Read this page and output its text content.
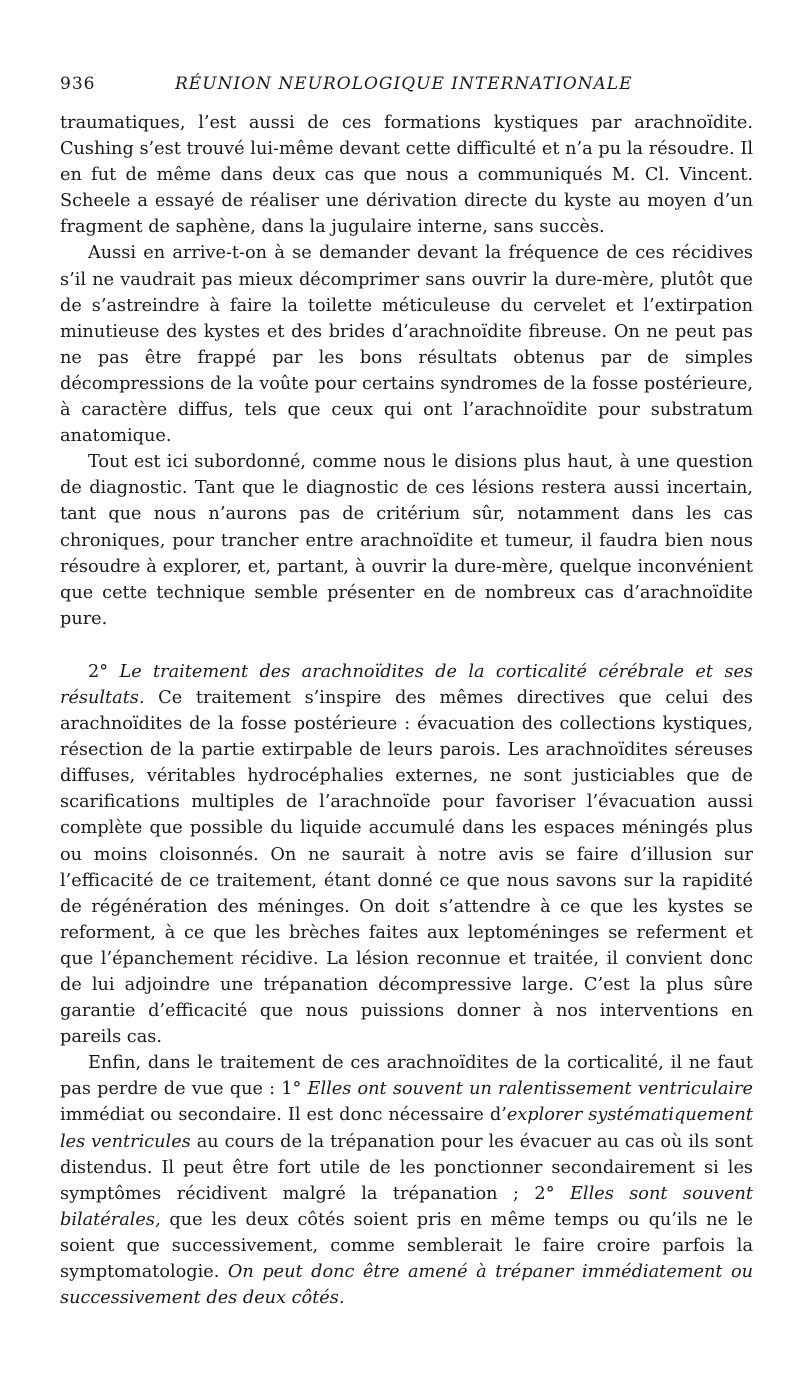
936	RÉUNION NEUROLOGIQUE INTERNATIONALE

traumatiques, l’est aussi de ces formations kystiques par arachnoïdite. Cushing s’est trouvé lui-même devant cette difficulté et n’a pu la résoudre. Il en fut de même dans deux cas que nous a communiqués M. Cl. Vincent. Scheele a essayé de réaliser une dérivation directe du kyste au moyen d’un fragment de saphène, dans la jugulaire interne, sans succès.

Aussi en arrive-t-on à se demander devant la fréquence de ces récidives s’il ne vaudrait pas mieux décomprimer sans ouvrir la dure-mère, plutôt que de s’astreindre à faire la toilette méticuleuse du cervelet et l’extirpation minutieuse des kystes et des brides d’arachnoïdite fibreuse. On ne peut pas ne pas être frappé par les bons résultats obtenus par de simples décompressions de la voûte pour certains syndromes de la fosse postérieure, à caractère diffus, tels que ceux qui ont l’arachnoïdite pour substratum anatomique.

Tout est ici subordonné, comme nous le disions plus haut, à une question de diagnostic. Tant que le diagnostic de ces lésions restera aussi incertain, tant que nous n’aurons pas de critérium sûr, notamment dans les cas chroniques, pour trancher entre arachnoïdite et tumeur, il faudra bien nous résoudre à explorer, et, partant, à ouvrir la dure-mère, quelque inconvénient que cette technique semble présenter en de nombreux cas d’arachnoïdite pure.

2° Le traitement des arachnoïdites de la corticalité cérébrale et ses résultats. Ce traitement s’inspire des mêmes directives que celui des arachnoïdites de la fosse postérieure : évacuation des collections kystiques, résection de la partie extirpable de leurs parois. Les arachnoïdites séreuses diffuses, véritables hydrocéphalies externes, ne sont justiciables que de scarifications multiples de l’arachnoïde pour favoriser l’évacuation aussi complète que possible du liquide accumulé dans les espaces méningés plus ou moins cloisonnés. On ne saurait à notre avis se faire d’illusion sur l’efficacité de ce traitement, étant donné ce que nous savons sur la rapidité de régénération des méninges. On doit s’attendre à ce que les kystes se reforment, à ce que les brèches faites aux leptoméninges se referment et que l’épanchement récidive. La lésion reconnue et traitée, il convient donc de lui adjoindre une trépanation décompressive large. C’est la plus sûre garantie d’efficacité que nous puissions donner à nos interventions en pareils cas.

Enfin, dans le traitement de ces arachnoïdites de la corticalité, il ne faut pas perdre de vue que : 1° Elles ont souvent un ralentissement ventriculaire immédiat ou secondaire. Il est donc nécessaire d’explorer systématiquement les ventricules au cours de la trépanation pour les évacuer au cas où ils sont distendus. Il peut être fort utile de les ponctionner secondairement si les symptômes récidivent malgré la trépanation ; 2° Elles sont souvent bilatérales, que les deux côtés soient pris en même temps ou qu’ils ne le soient que successivement, comme semblerait le faire croire parfois la symptomatologie. On peut donc être amené à trépaner immédiatement ou successivement des deux côtés.
